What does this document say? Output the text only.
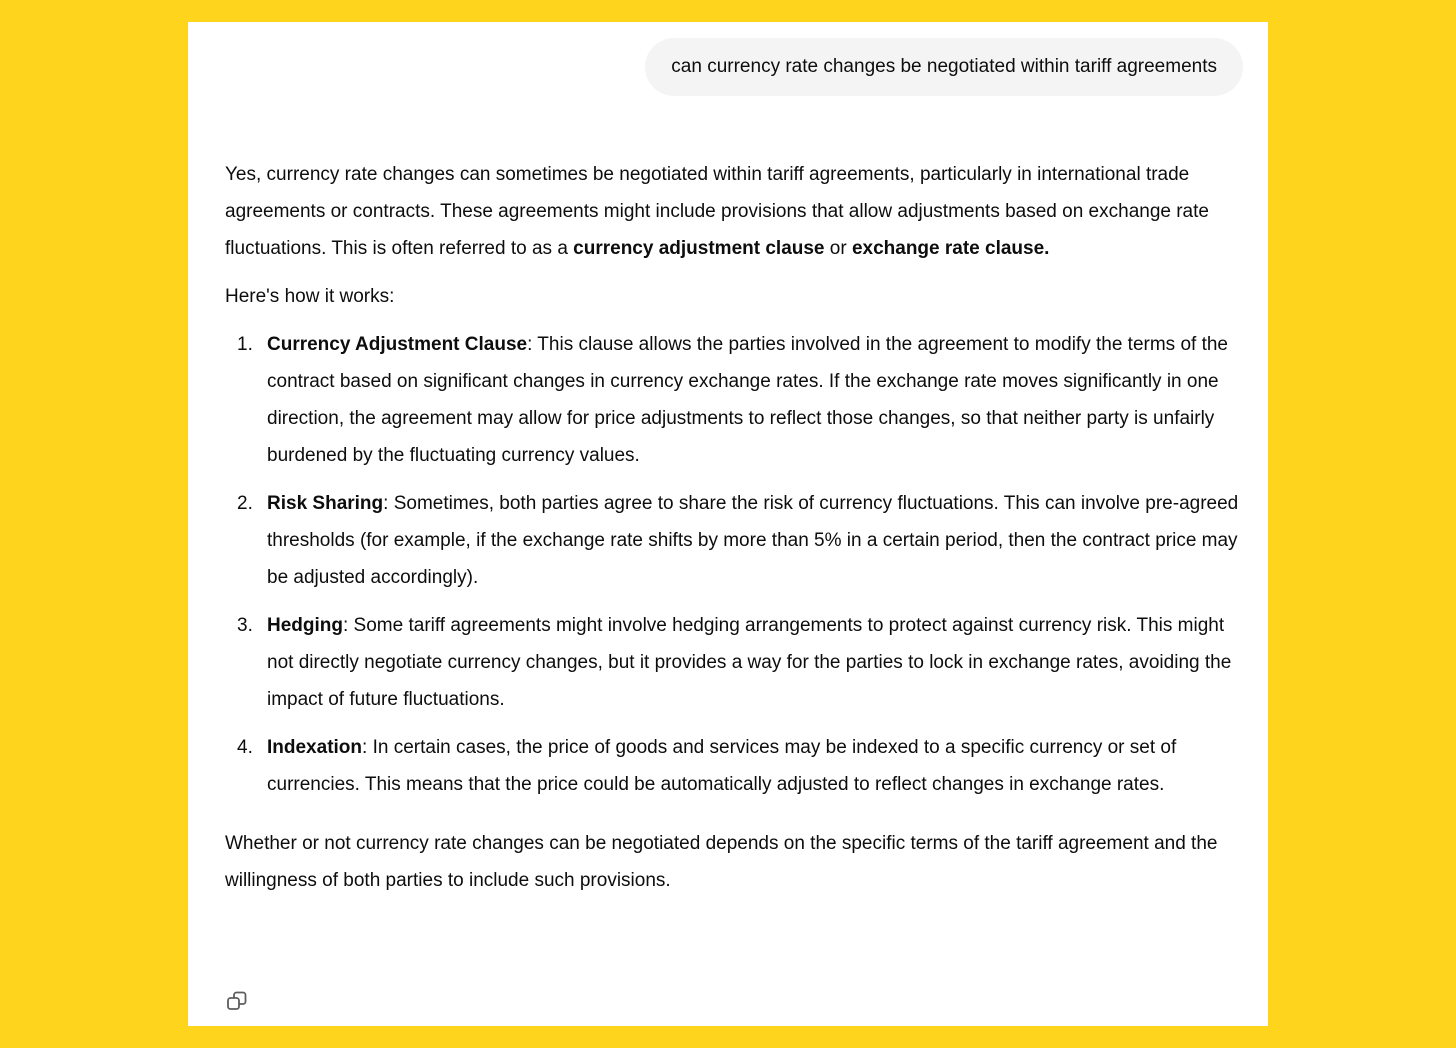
can currency rate changes be negotiated within tariff agreements

Yes, currency rate changes can sometimes be negotiated within tariff agreements, particularly in international trade agreements or contracts. These agreements might include provisions that allow adjustments based on exchange rate fluctuations. This is often referred to as a currency adjustment clause or exchange rate clause.

Here's how it works:

1. Currency Adjustment Clause: This clause allows the parties involved in the agreement to modify the terms of the contract based on significant changes in currency exchange rates. If the exchange rate moves significantly in one direction, the agreement may allow for price adjustments to reflect those changes, so that neither party is unfairly burdened by the fluctuating currency values.
2. Risk Sharing: Sometimes, both parties agree to share the risk of currency fluctuations. This can involve pre-agreed thresholds (for example, if the exchange rate shifts by more than 5% in a certain period, then the contract price may be adjusted accordingly).
3. Hedging: Some tariff agreements might involve hedging arrangements to protect against currency risk. This might not directly negotiate currency changes, but it provides a way for the parties to lock in exchange rates, avoiding the impact of future fluctuations.
4. Indexation: In certain cases, the price of goods and services may be indexed to a specific currency or set of currencies. This means that the price could be automatically adjusted to reflect changes in exchange rates.

Whether or not currency rate changes can be negotiated depends on the specific terms of the tariff agreement and the willingness of both parties to include such provisions.
